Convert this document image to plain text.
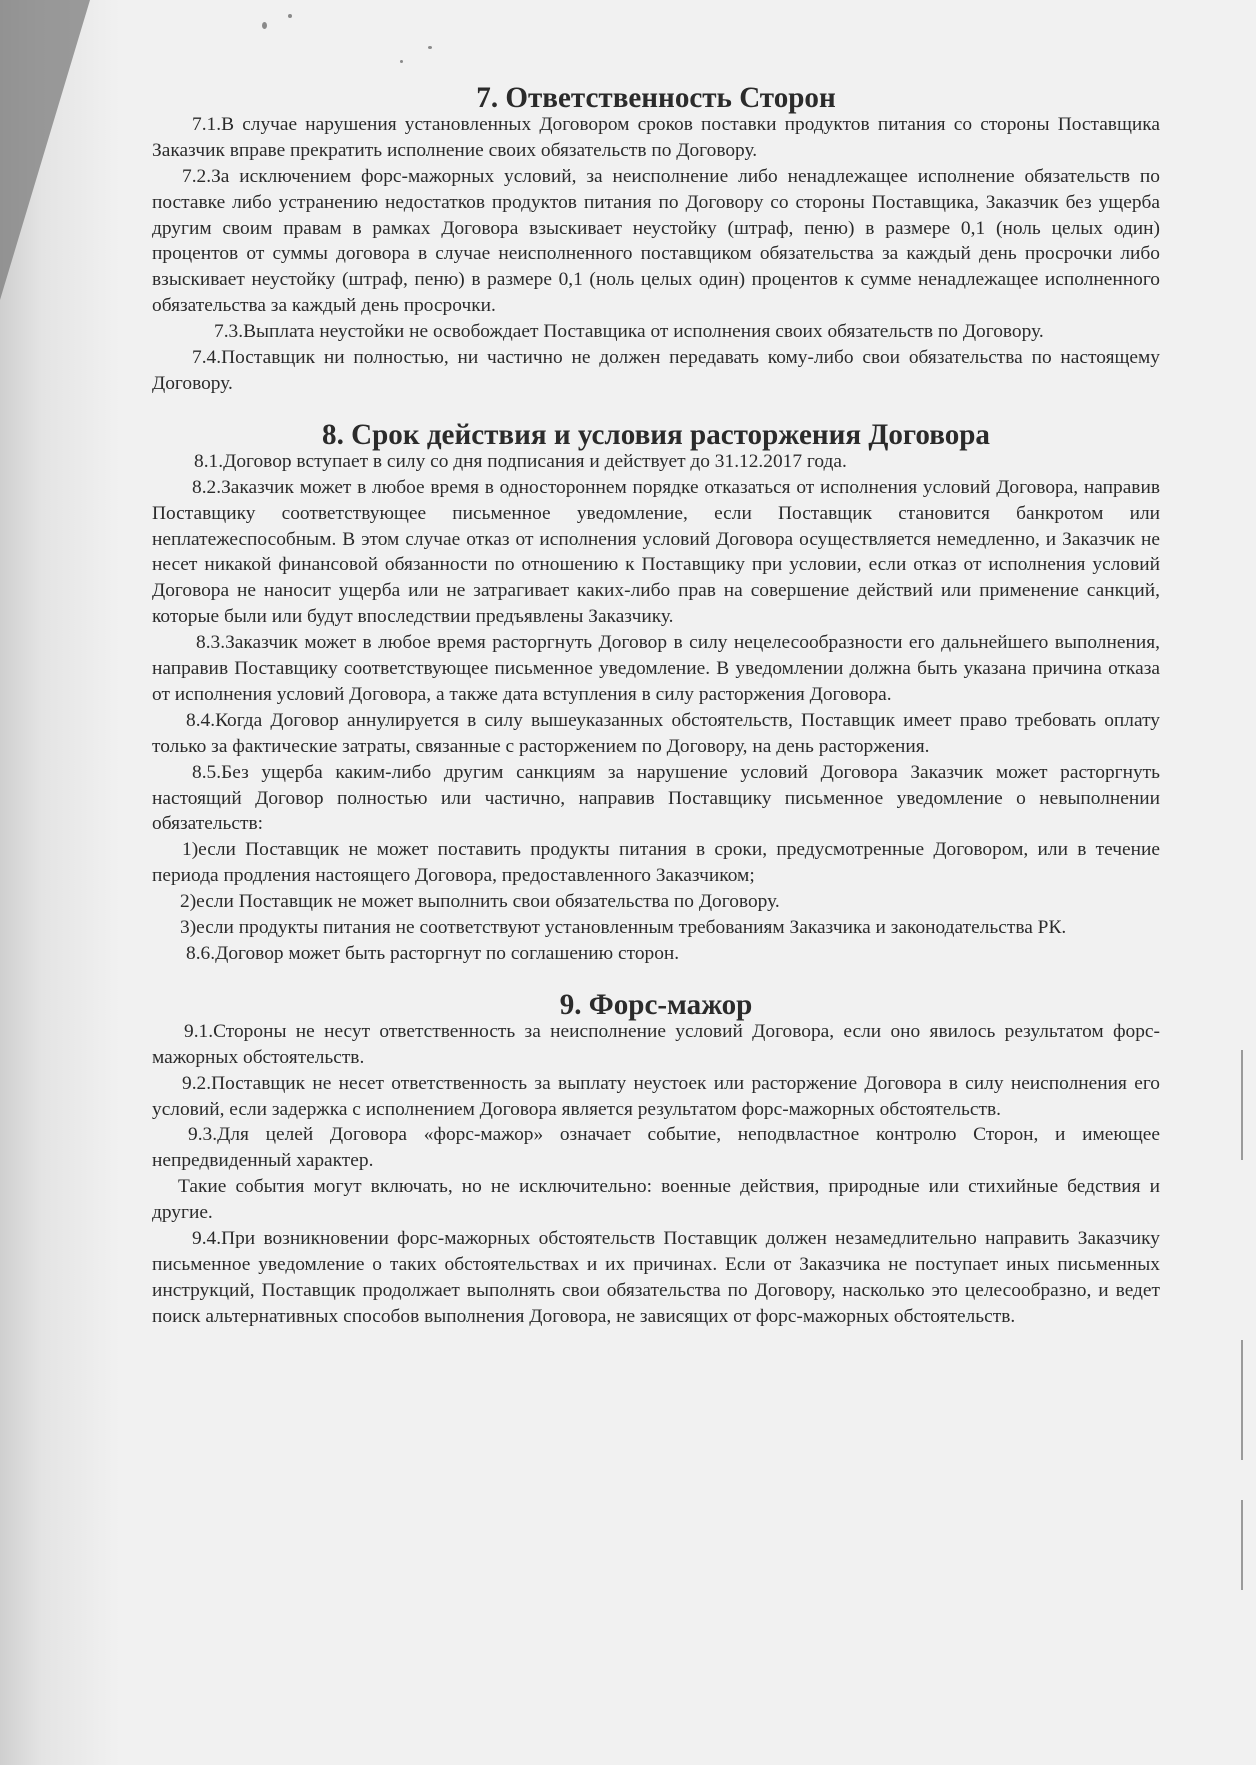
7. Ответственность Сторон

7.1.В случае нарушения установленных Договором сроков поставки продуктов питания со стороны Поставщика Заказчик вправе прекратить исполнение своих обязательств по Договору.

7.2.За исключением форс-мажорных условий, за неисполнение либо ненадлежащее исполнение обязательств по поставке либо устранению недостатков продуктов питания по Договору со стороны Поставщика, Заказчик без ущерба другим своим правам в рамках Договора взыскивает неустойку (штраф, пеню) в размере 0,1 (ноль целых один) процентов от суммы договора в случае неисполненного поставщиком обязательства за каждый день просрочки либо взыскивает неустойку (штраф, пеню) в размере 0,1 (ноль целых один) процентов к сумме ненадлежащее исполненного обязательства за каждый день просрочки.

7.3.Выплата неустойки не освобождает Поставщика от исполнения своих обязательств по Договору.

7.4.Поставщик ни полностью, ни частично не должен передавать кому-либо свои обязательства по настоящему Договору.

8. Срок действия и условия расторжения Договора

8.1.Договор вступает в силу со дня подписания и действует до 31.12.2017 года.

8.2.Заказчик может в любое время в одностороннем порядке отказаться от исполнения условий Договора, направив Поставщику соответствующее письменное уведомление, если Поставщик становится банкротом или неплатежеспособным. В этом случае отказ от исполнения условий Договора осуществляется немедленно, и Заказчик не несет никакой финансовой обязанности по отношению к Поставщику при условии, если отказ от исполнения условий Договора не наносит ущерба или не затрагивает каких-либо прав на совершение действий или применение санкций, которые были или будут впоследствии предъявлены Заказчику.

8.3.Заказчик может в любое время расторгнуть Договор в силу нецелесообразности его дальнейшего выполнения, направив Поставщику соответствующее письменное уведомление. В уведомлении должна быть указана причина отказа от исполнения условий Договора, а также дата вступления в силу расторжения Договора.

8.4.Когда Договор аннулируется в силу вышеуказанных обстоятельств, Поставщик имеет право требовать оплату только за фактические затраты, связанные с расторжением по Договору, на день расторжения.

8.5.Без ущерба каким-либо другим санкциям за нарушение условий Договора Заказчик может расторгнуть настоящий Договор полностью или частично, направив Поставщику письменное уведомление о невыполнении обязательств:

1)если Поставщик не может поставить продукты питания в сроки, предусмотренные Договором, или в течение периода продления настоящего Договора, предоставленного Заказчиком;

2)если Поставщик не может выполнить свои обязательства по Договору.

3)если продукты питания не соответствуют установленным требованиям Заказчика и законодательства РК.

8.6.Договор может быть расторгнут по соглашению сторон.

9. Форс-мажор

9.1.Стороны не несут ответственность за неисполнение условий Договора, если оно явилось результатом форс-мажорных обстоятельств.

9.2.Поставщик не несет ответственность за выплату неустоек или расторжение Договора в силу неисполнения его условий, если задержка с исполнением Договора является результатом форс-мажорных обстоятельств.

9.3.Для целей Договора «форс-мажор» означает событие, неподвластное контролю Сторон, и имеющее непредвиденный характер.

Такие события могут включать, но не исключительно: военные действия, природные или стихийные бедствия и другие.

9.4.При возникновении форс-мажорных обстоятельств Поставщик должен незамедлительно направить Заказчику письменное уведомление о таких обстоятельствах и их причинах. Если от Заказчика не поступает иных письменных инструкций, Поставщик продолжает выполнять свои обязательства по Договору, насколько это целесообразно, и ведет поиск альтернативных способов выполнения Договора, не зависящих от форс-мажорных обстоятельств.
